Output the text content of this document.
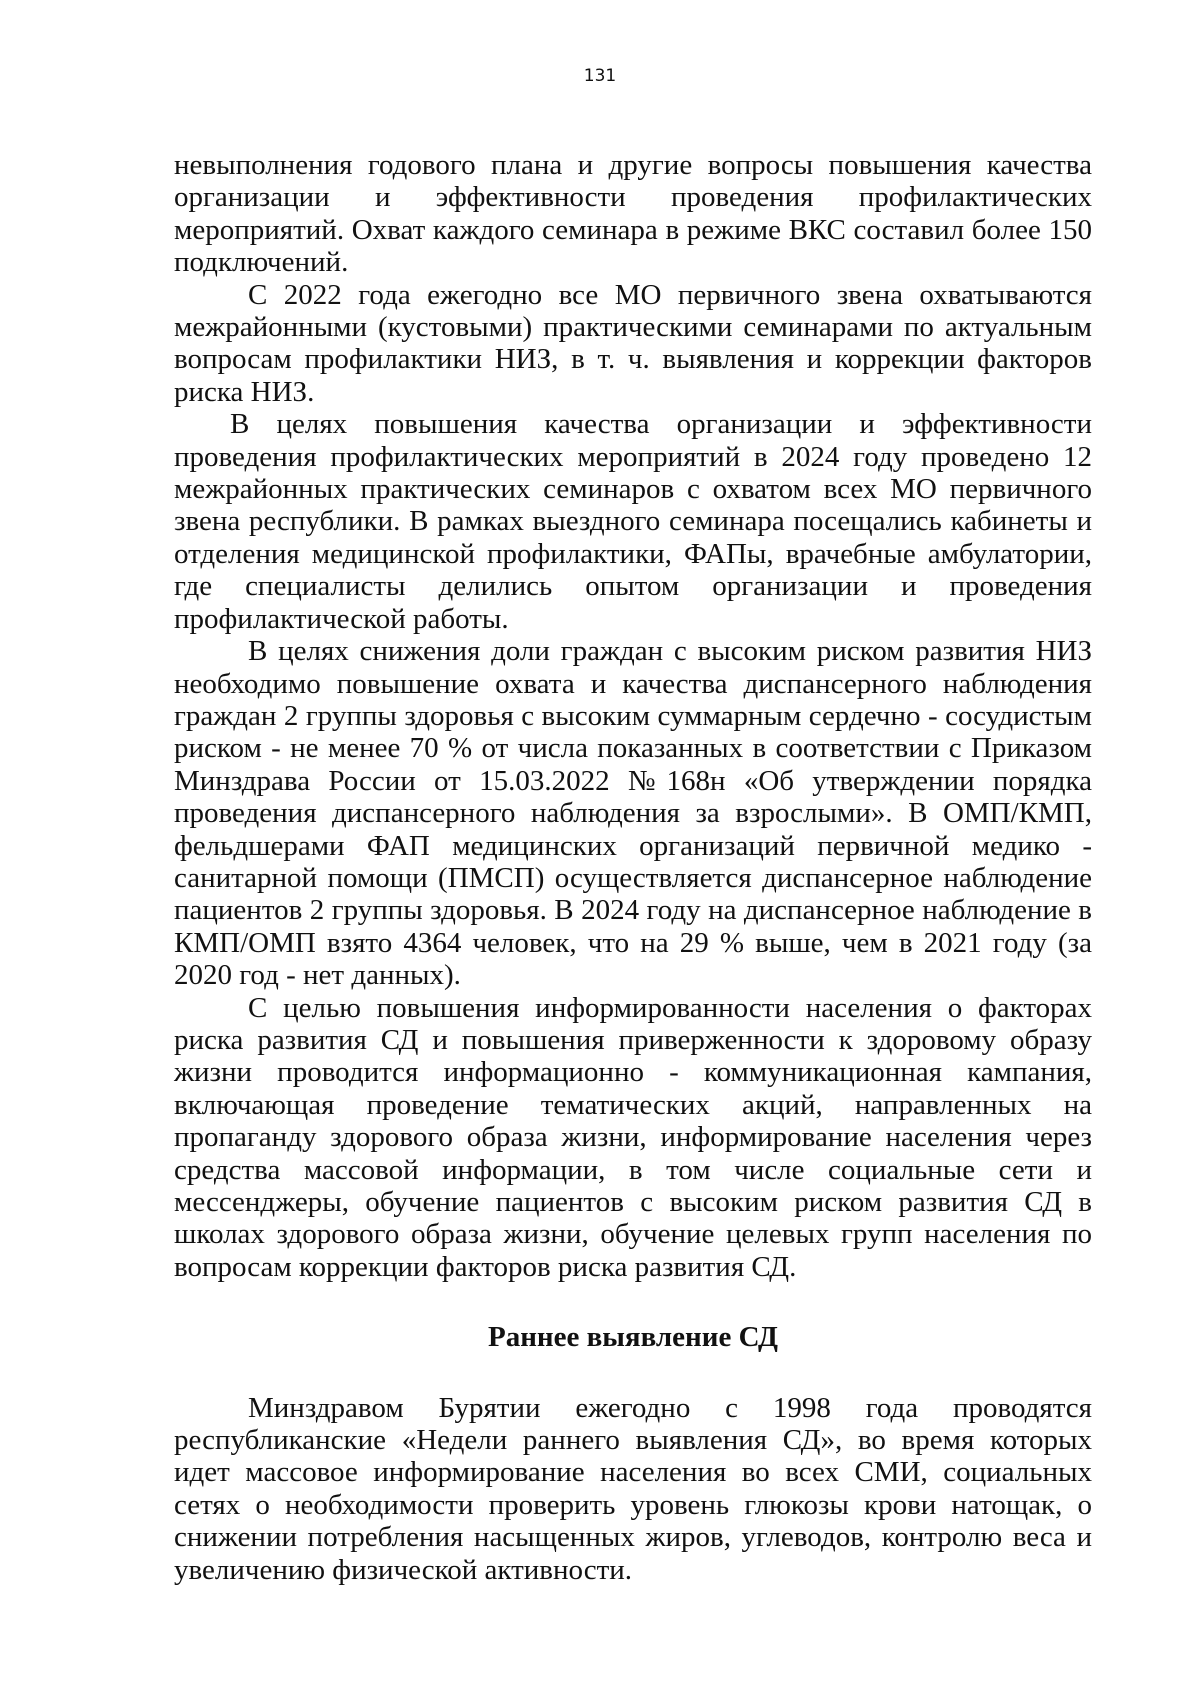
131

невыполнения годового плана и другие вопросы повышения качества организации и эффективности проведения профилактических мероприятий. Охват каждого семинара в режиме ВКС составил более 150 подключений.

С 2022 года ежегодно все МО первичного звена охватываются межрайонными (кустовыми) практическими семинарами по актуальным вопросам профилактики НИЗ, в т. ч. выявления и коррекции факторов риска НИЗ.

В целях повышения качества организации и эффективности проведения профилактических мероприятий в 2024 году проведено 12 межрайонных практических семинаров с охватом всех МО первичного звена республики. В рамках выездного семинара посещались кабинеты и отделения медицинской профилактики, ФАПы, врачебные амбулатории, где специалисты делились опытом организации и проведения профилактической работы.

В целях снижения доли граждан с высоким риском развития НИЗ необходимо повышение охвата и качества диспансерного наблюдения граждан 2 группы здоровья с высоким суммарным сердечно - сосудистым риском - не менее 70 % от числа показанных в соответствии с Приказом Минздрава России от 15.03.2022 №168н «Об утверждении порядка проведения диспансерного наблюдения за взрослыми». В ОМП/КМП, фельдшерами ФАП медицинских организаций первичной медико - санитарной помощи (ПМСП) осуществляется диспансерное наблюдение пациентов 2 группы здоровья. В 2024 году на диспансерное наблюдение в КМП/ОМП взято 4364 человек, что на 29 % выше, чем в 2021 году (за 2020 год - нет данных).

С целью повышения информированности населения о факторах риска развития СД и повышения приверженности к здоровому образу жизни проводится информационно - коммуникационная кампания, включающая проведение тематических акций, направленных на пропаганду здорового образа жизни, информирование населения через средства массовой информации, в том числе социальные сети и мессенджеры, обучение пациентов с высоким риском развития СД в школах здорового образа жизни, обучение целевых групп населения по вопросам коррекции факторов риска развития СД.

Раннее выявление СД

Минздравом Бурятии ежегодно с 1998 года проводятся республиканские «Недели раннего выявления СД», во время которых идет массовое информирование населения во всех СМИ, социальных сетях о необходимости проверить уровень глюкозы крови натощак, о снижении потребления насыщенных жиров, углеводов, контролю веса и увеличению физической активности.
